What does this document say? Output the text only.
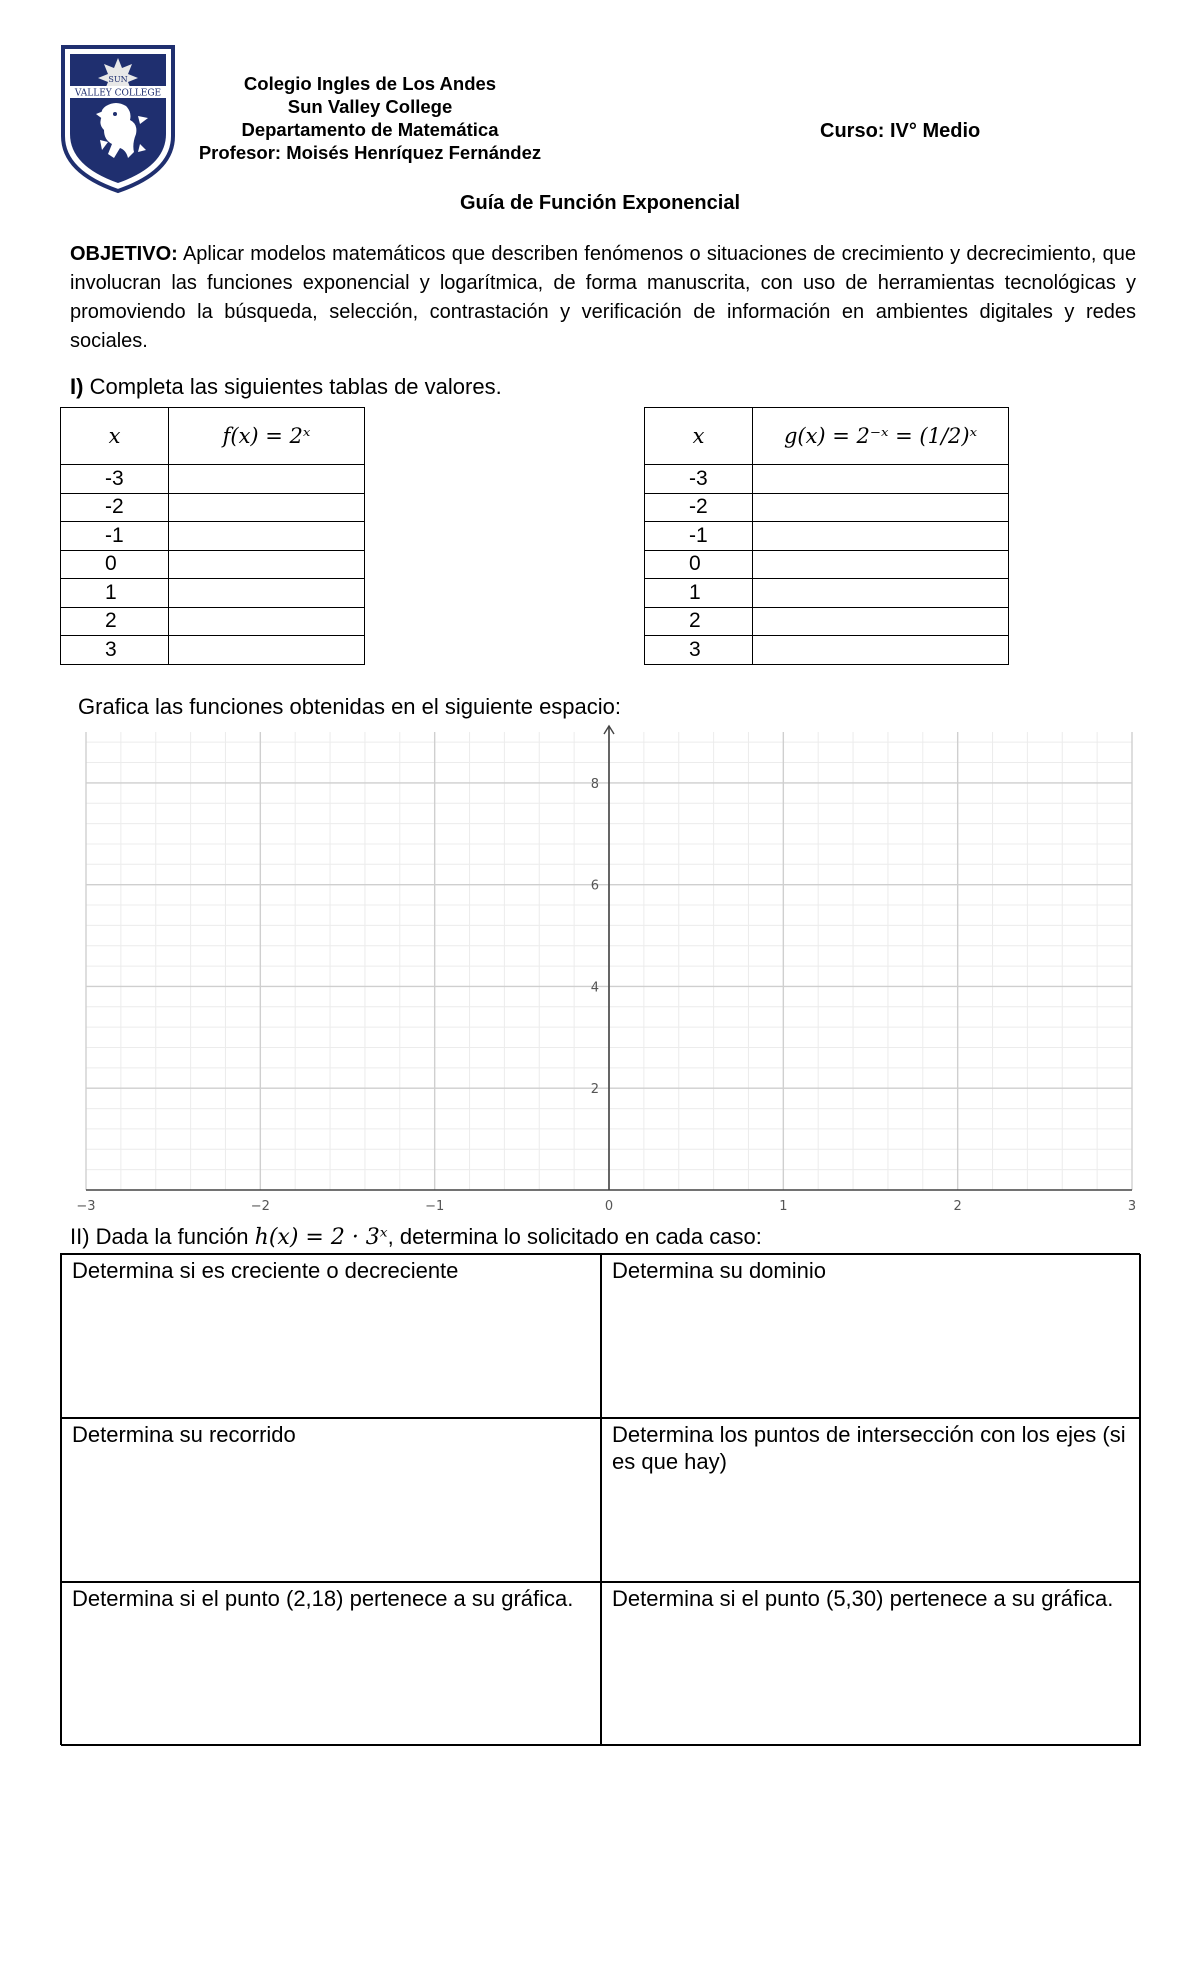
SUN
VALLEY COLLEGE	Colegio Ingles de Los Andes
Sun Valley College
Departamento de Matemática
Profesor: Moisés Henríquez Fernández
Curso: IV° Medio
Guía de Función Exponencial

OBJETIVO: Aplicar modelos matemáticos que describen fenómenos o situaciones de crecimiento y decrecimiento, que involucran las funciones exponencial y logarítmica, de forma manuscrita, con uso de herramientas tecnológicas y promoviendo la búsqueda, selección, contrastación y verificación de información en ambientes digitales y redes sociales.

I) Completa las siguientes tablas de valores.
x	f(x) = 2ˣ
-3	
-2	
-1	
0	
1	
2	
3	
x	g(x) = 2⁻ˣ = (1/2)ˣ
-3	
-2	
-1	
0	
1	
2	
3	
Grafica las funciones obtenidas en el siguiente espacio:
−3	−2	−1	0	1	2	3
2
4
6
8
II) Dada la función h(x) = 2 · 3ˣ, determina lo solicitado en cada caso:
Determina si es creciente o decreciente	Determina su dominio
Determina su recorrido	Determina los puntos de intersección con los ejes (si es que hay)
Determina si el punto (2,18) pertenece a su gráfica.	Determina si el punto (5,30) pertenece a su gráfica.
